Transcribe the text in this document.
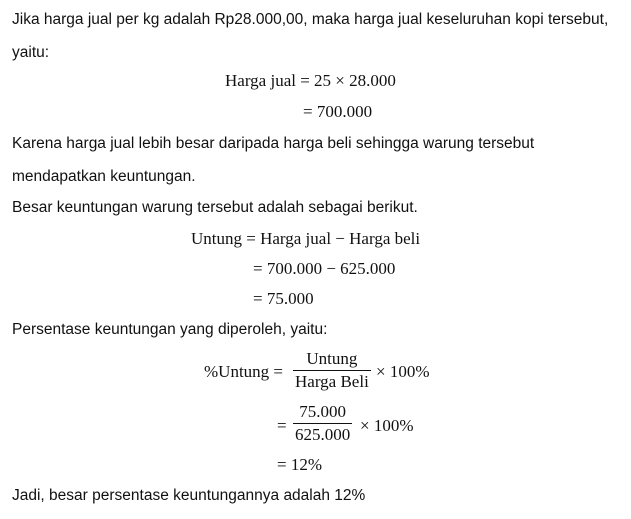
Jika harga jual per kg adalah Rp28.000,00, maka harga jual keseluruhan kopi tersebut,
yaitu:
Harga jual = 25 × 28.000
= 700.000
Karena harga jual lebih besar daripada harga beli sehingga warung tersebut
mendapatkan keuntungan.
Besar keuntungan warung tersebut adalah sebagai berikut.
Untung = Harga jual − Harga beli
= 700.000 − 625.000
= 75.000
Persentase keuntungan yang diperoleh, yaitu:
%Untung =
Untung
Harga Beli
× 100%
=
75.000
625.000 × 100%
= 12%
Jadi, besar persentase keuntungannya adalah 12%
